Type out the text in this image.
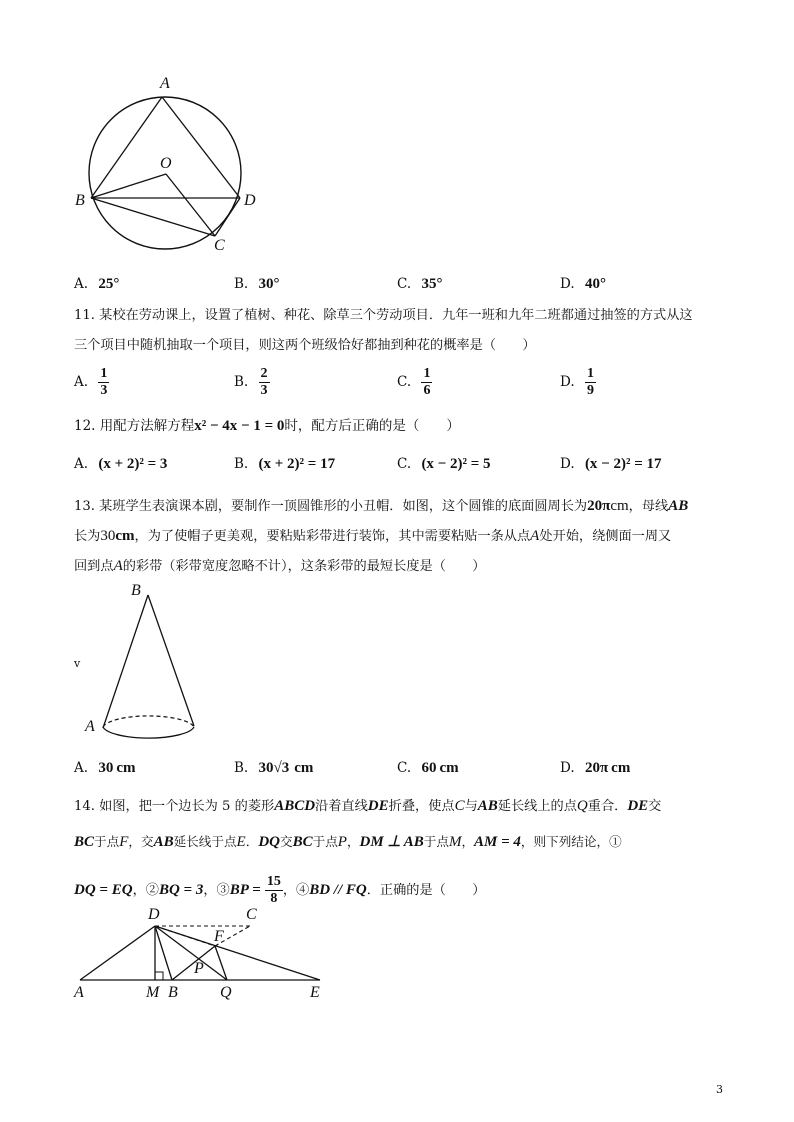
A
O
B	D
C
A. 25°	B. 30°	C. 35°	D. 40°
11. 某校在劳动课上，设置了植树、种花、除草三个劳动项目．九年一班和九年二班都通过抽签的方式从这
三个项目中随机抽取一个项目，则这两个班级恰好都抽到种花的概率是（　　）
A. $\frac{1}{3}$	B. $\frac{2}{3}$	C. $\frac{1}{6}$	D. $\frac{1}{9}$
12. 用配方法解方程x² − 4x − 1 = 0时，配方后正确的是（　　）
A. (x + 2)² = 3	B. (x + 2)² = 17	C. (x − 2)² = 5	D. (x − 2)² = 17
13. 某班学生表演课本剧，要制作一顶圆锥形的小丑帽．如图，这个圆锥的底面圆周长为20πcm，母线AB
长为30cm，为了使帽子更美观，要粘贴彩带进行装饰，其中需要粘贴一条从点A处开始，绕侧面一周又
回到点A的彩带（彩带宽度忽略不计），这条彩带的最短长度是（　　）
B
A
v
A. 30 cm	B. 30√3 cm	C. 60 cm	D. 20π cm
14. 如图，把一个边长为 5 的菱形ABCD沿着直线DE折叠，使点C与AB延长线上的点Q重合．DE交
BC于点F，交AB延长线于点E．DQ交BC于点P，DM ⊥ AB于点M，AM = 4，则下列结论，①
DQ = EQ，②BQ = 3，③BP = $\frac{15}{8}$ ，④BD // FQ．正确的是（　　）
D	C
F
P
A	M B	Q	E
3
